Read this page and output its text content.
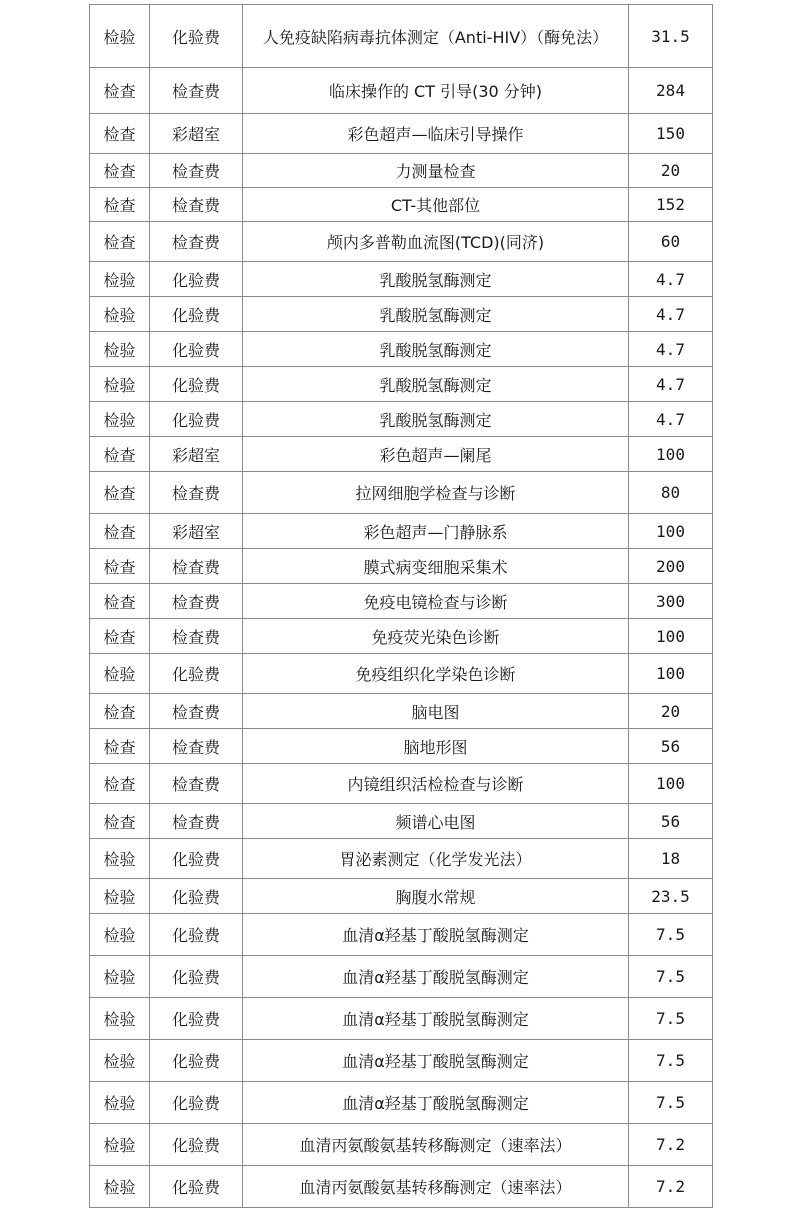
检验	化验费	人免疫缺陷病毒抗体测定（Anti-HIV）（酶免法）	31.5
检查	检查费	临床操作的 CT 引导(30 分钟)	284
检查	彩超室	彩色超声—临床引导操作	150
检查	检查费	力测量检查	20
检查	检查费	CT-其他部位	152
检查	检查费	颅内多普勒血流图(TCD)(同济)	60
检验	化验费	乳酸脱氢酶测定	4.7
检验	化验费	乳酸脱氢酶测定	4.7
检验	化验费	乳酸脱氢酶测定	4.7
检验	化验费	乳酸脱氢酶测定	4.7
检验	化验费	乳酸脱氢酶测定	4.7
检查	彩超室	彩色超声—阑尾	100
检查	检查费	拉网细胞学检查与诊断	80
检查	彩超室	彩色超声—门静脉系	100
检查	检查费	膜式病变细胞采集术	200
检查	检查费	免疫电镜检查与诊断	300
检查	检查费	免疫荧光染色诊断	100
检验	化验费	免疫组织化学染色诊断	100
检查	检查费	脑电图	20
检查	检查费	脑地形图	56
检查	检查费	内镜组织活检检查与诊断	100
检查	检查费	频谱心电图	56
检验	化验费	胃泌素测定（化学发光法）	18
检验	化验费	胸腹水常规	23.5
检验	化验费	血清α羟基丁酸脱氢酶测定	7.5
检验	化验费	血清α羟基丁酸脱氢酶测定	7.5
检验	化验费	血清α羟基丁酸脱氢酶测定	7.5
检验	化验费	血清α羟基丁酸脱氢酶测定	7.5
检验	化验费	血清α羟基丁酸脱氢酶测定	7.5
检验	化验费	血清丙氨酸氨基转移酶测定（速率法）	7.2
检验	化验费	血清丙氨酸氨基转移酶测定（速率法）	7.2
